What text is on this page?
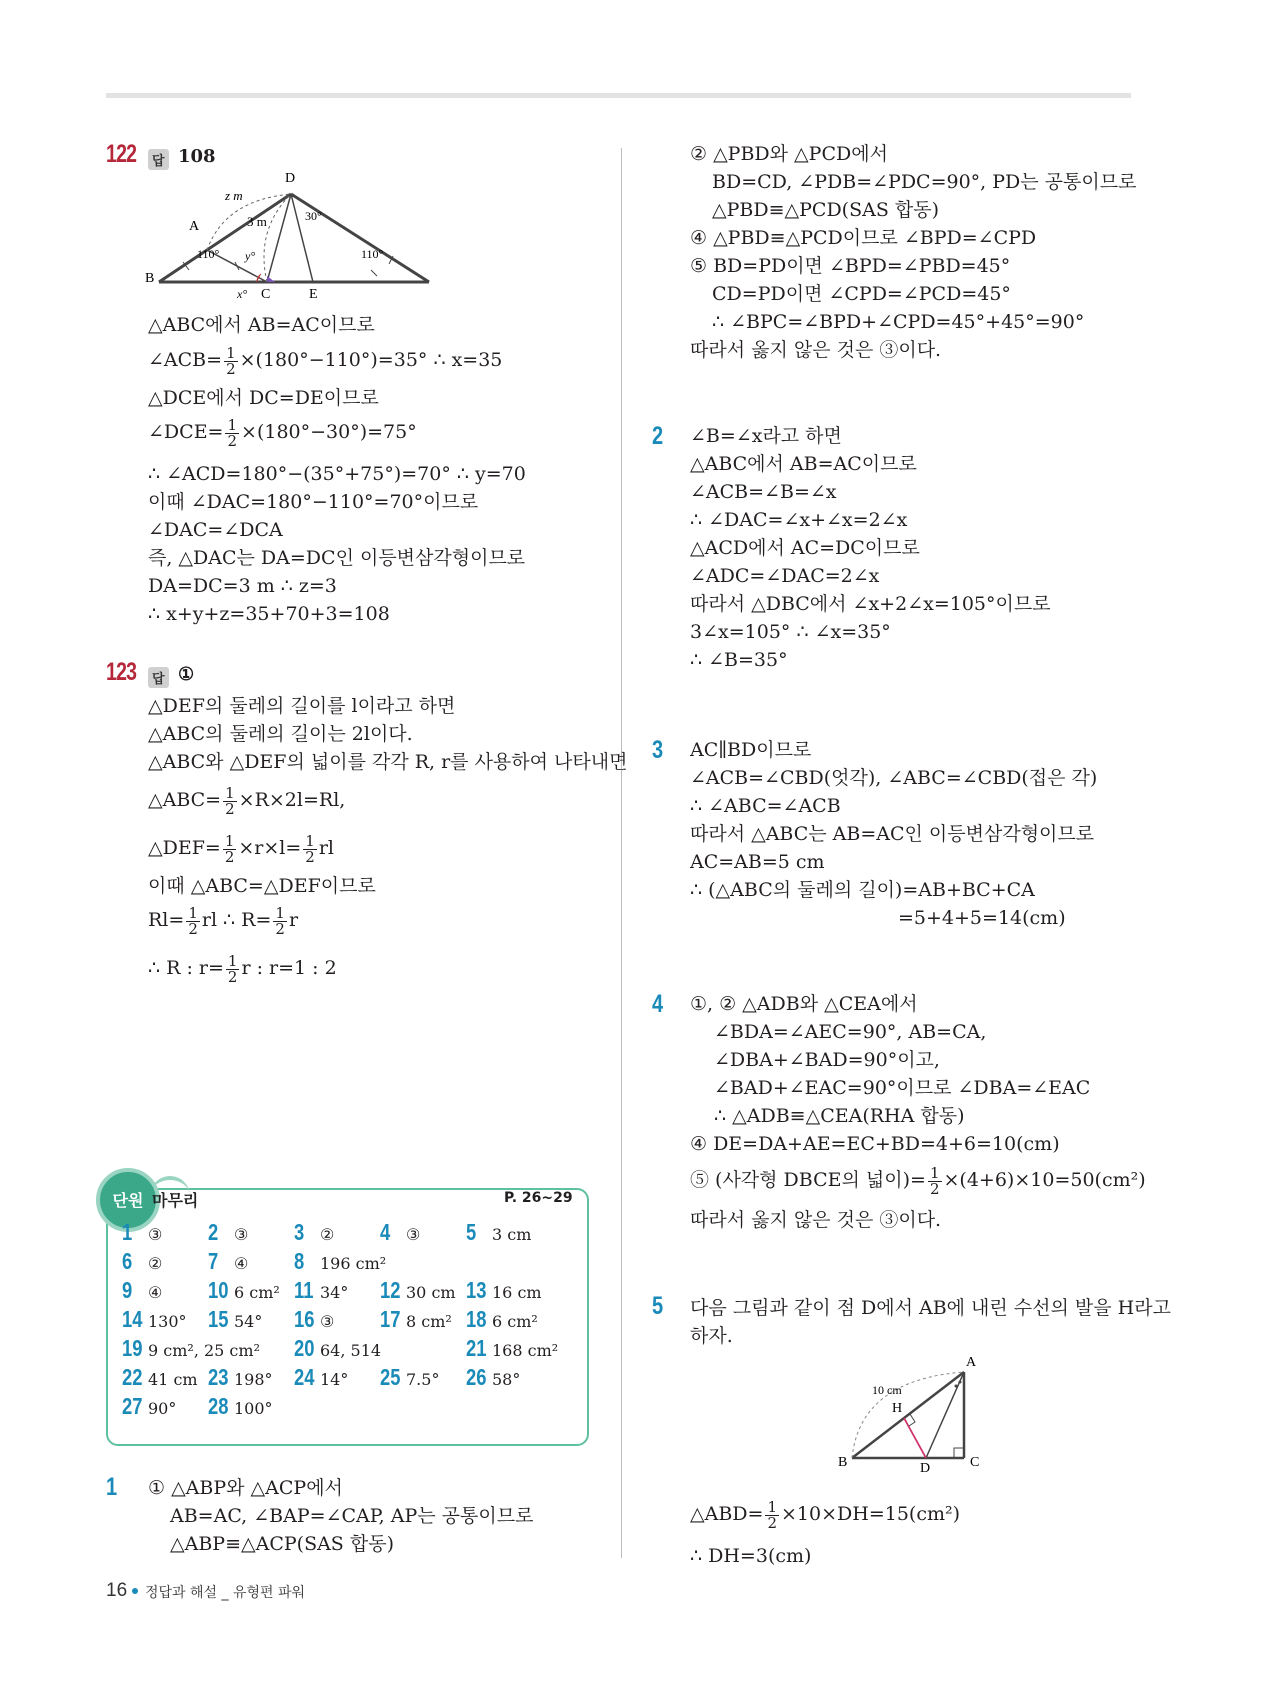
122	답 108
D
A
B
C	E
z m
3 m	30°
110°	110°
y°
x°
△ABC에서 AB=AC이므로
∠ACB= $\frac{1}{2} \times(180^\circ-110^\circ)=35^\circ$ ∴ x=35
△DCE에서 DC=DE이므로
∠DCE= $\frac{1}{2} \times(180^\circ-30^\circ)=75^\circ$
∴ ∠ACD=180°−(35°+75°)=70° ∴ y=70
이때 ∠DAC=180°−110°=70°이므로
∠DAC=∠DCA
즉, △DAC는 DA=DC인 이등변삼각형이므로
DA=DC=3 m ∴ z=3
∴ x+y+z=35+70+3=108
123	답 ①
△DEF의 둘레의 길이를 l이라고 하면
△ABC의 둘레의 길이는 2l이다.
△ABC와 △DEF의 넓이를 각각 R, r를 사용하여 나타내면
△ABC= $\frac{1}{2} \times R\times 2l=Rl$,
△DEF= $\frac{1}{2} \times r\times l= \frac{1}{2}$ rl
이때 △ABC=△DEF이므로
$Rl= \frac{1}{2}$ rl ∴ $R= \frac{1}{2}$ r
∴ R : $r= \frac{1}{2}$ r : r=1 : 2
단원 마무리	P. 26~29
1 ③ 2 ③ 3 ② 4 ③ 5 3 cm
6 ② 7 ④ 8 196 cm²
9 ④ 10 6 cm² 11 34° 12 30 cm 13 16 cm
14 130° 15 54° 16 ③ 17 8 cm² 18 6 cm²
19 9 cm², 25 cm² 20 64, 514	21 168 cm²
22 41 cm 23 198° 24 14° 25 7.5° 26 58°
27 90° 28 100°
1 ① △ABP와 △ACP에서
AB=AC, ∠BAP=∠CAP, AP는 공통이므로
△ABP≡△ACP(SAS 합동)
② △PBD와 △PCD에서
BD=CD, ∠PDB=∠PDC=90°, PD는 공통이므로
△PBD≡△PCD(SAS 합동)
④ △PBD≡△PCD이므로 ∠BPD=∠CPD
⑤ BD=PD이면 ∠BPD=∠PBD=45°
CD=PD이면 ∠CPD=∠PCD=45°
∴ ∠BPC=∠BPD+∠CPD=45°+45°=90°
따라서 옳지 않은 것은 ③이다.
2 ∠B=∠x라고 하면
△ABC에서 AB=AC이므로
∠ACB=∠B=∠x
∴ ∠DAC=∠x+∠x=2∠x
△ACD에서 AC=DC이므로
∠ADC=∠DAC=2∠x
따라서 △DBC에서 ∠x+2∠x=105°이므로
3∠x=105° ∴ ∠x=35°
∴ ∠B=35°
3 AC∥BD이므로
∠ACB=∠CBD(엇각), ∠ABC=∠CBD(접은 각)
∴ ∠ABC=∠ACB
따라서 △ABC는 AB=AC인 이등변삼각형이므로
AC=AB=5 cm
∴ (△ABC의 둘레의 길이)=AB+BC+CA
=5+4+5=14(cm)
4 ①, ② △ADB와 △CEA에서
∠BDA=∠AEC=90°, AB=CA,
∠DBA+∠BAD=90°이고,
∠BAD+∠EAC=90°이므로 ∠DBA=∠EAC
∴ △ADB≡△CEA(RHA 합동)
④ DE=DA+AE=EC+BD=4+6=10(cm)
⑤ (사각형 DBCE의 넓이)= $\frac{1}{2} \times(4+6)\times 10=50(cm^2)$
따라서 옳지 않은 것은 ③이다.
5 다음 그림과 같이 점 D에서 AB에 내린 수선의 발을 H라고
하자.
A
B	C
D
H
10 cm
△ABD= $\frac{1}{2} \times 10\times DH=15(cm^2)$
∴ DH=3(cm)
16 정답과 해설 _ 유형편 파워
